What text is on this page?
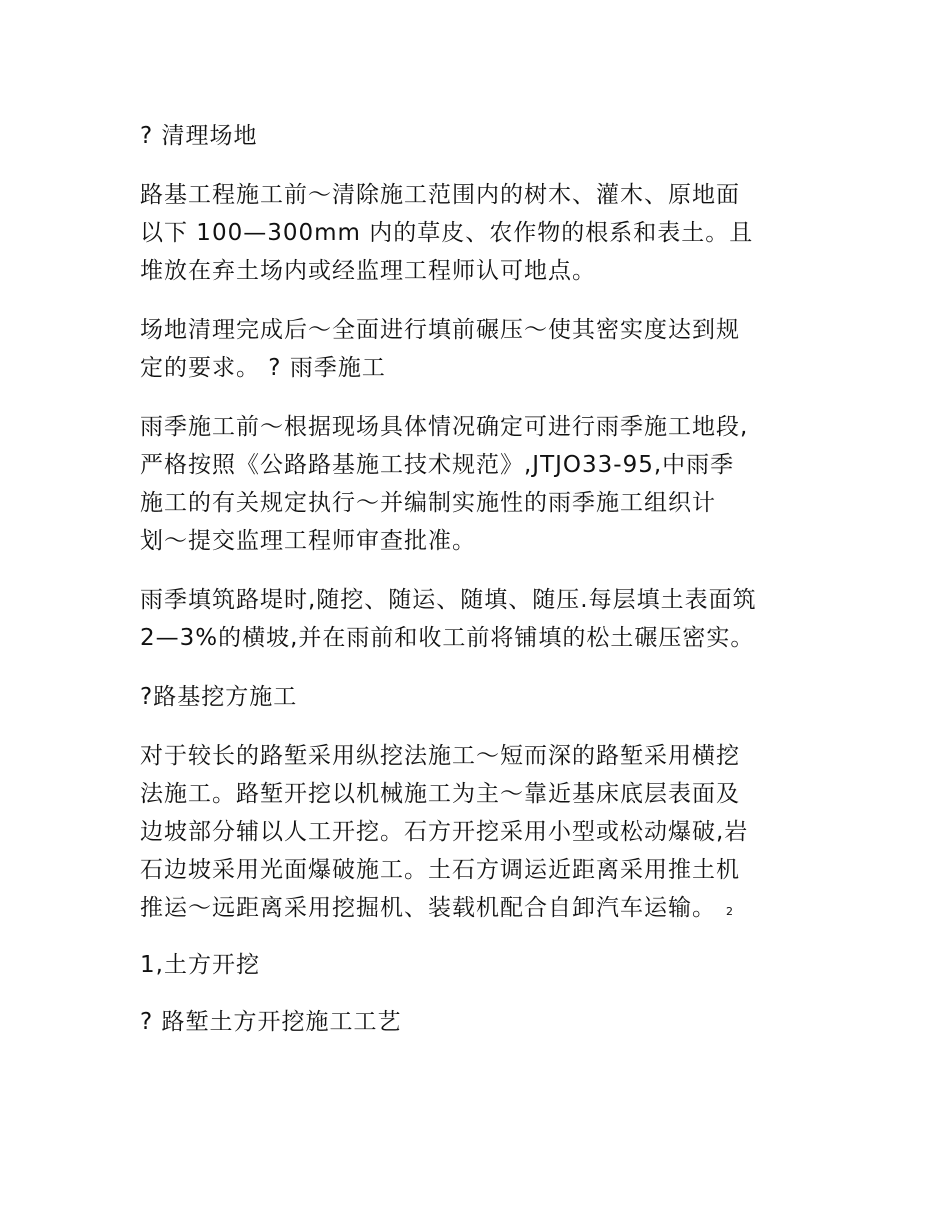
? 清理场地
路基工程施工前～清除施工范围内的树木、灌木、原地面
以下 100—300mm 内的草皮、农作物的根系和表土。且
堆放在弃土场内或经监理工程师认可地点。
场地清理完成后～全面进行填前碾压～使其密实度达到规
定的要求。 ? 雨季施工
雨季施工前～根据现场具体情况确定可进行雨季施工地段,
严格按照《公路路基施工技术规范》,JTJO33-95,中雨季
施工的有关规定执行～并编制实施性的雨季施工组织计
划～提交监理工程师审查批准。
雨季填筑路堤时,随挖、随运、随填、随压.每层填土表面筑
2—3%的横坡,并在雨前和收工前将铺填的松土碾压密实。
?路基挖方施工
对于较长的路堑采用纵挖法施工～短而深的路堑采用横挖
法施工。路堑开挖以机械施工为主～靠近基床底层表面及
边坡部分辅以人工开挖。石方开挖采用小型或松动爆破,岩
石边坡采用光面爆破施工。土石方调运近距离采用推土机
推运～远距离采用挖掘机、装载机配合自卸汽车运输。 2
1,土方开挖
? 路堑土方开挖施工工艺
